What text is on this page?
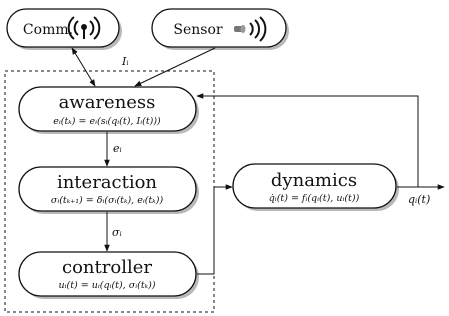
Comm.	Sensor
awareness
eᵢ(tₖ) = eᵢ(sᵢ(qᵢ(t), Iᵢ(t)))
interaction
σᵢ(tₖ₊₁) = δᵢ(σᵢ(tₖ), eᵢ(tₖ))
controller
uᵢ(t) = uᵢ(qᵢ(t), σᵢ(tₖ))
dynamics
q̇ᵢ(t) = fᵢ(qᵢ(t), uᵢ(t))
Iᵢ
eᵢ
σᵢ
qᵢ(t)
